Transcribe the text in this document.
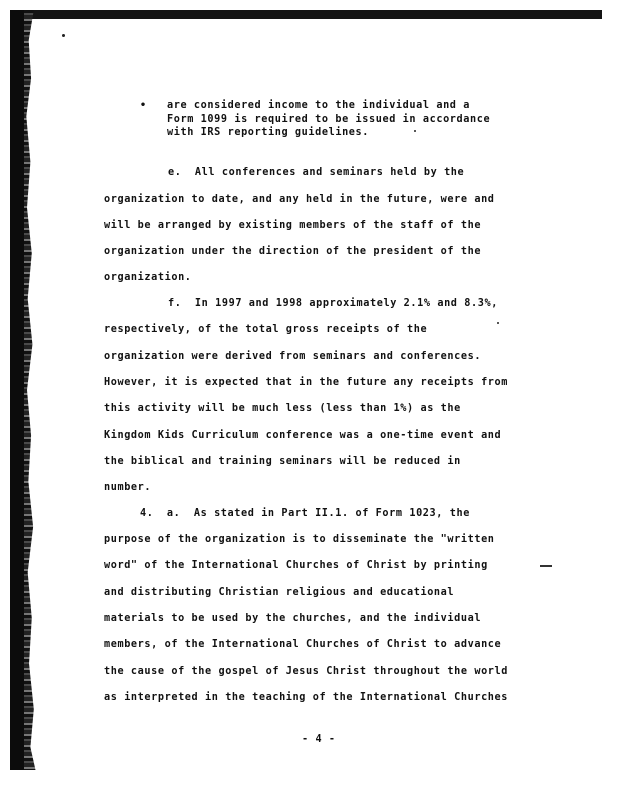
• are considered income to the individual and a
Form 1099 is required to be issued in accordance
with IRS reporting guidelines.
e.  All conferences and seminars held by the
organization to date, and any held in the future, were and
will be arranged by existing members of the staff of the
organization under the direction of the president of the
organization.
f.  In 1997 and 1998 approximately 2.1% and 8.3%,
respectively, of the total gross receipts of the
organization were derived from seminars and conferences.
However, it is expected that in the future any receipts from
this activity will be much less (less than 1%) as the
Kingdom Kids Curriculum conference was a one-time event and
the biblical and training seminars will be reduced in
number.
4.  a.  As stated in Part II.1. of Form 1023, the
purpose of the organization is to disseminate the "written
word" of the International Churches of Christ by printing
and distributing Christian religious and educational
materials to be used by the churches, and the individual
members, of the International Churches of Christ to advance
the cause of the gospel of Jesus Christ throughout the world
as interpreted in the teaching of the International Churches
- 4 -
